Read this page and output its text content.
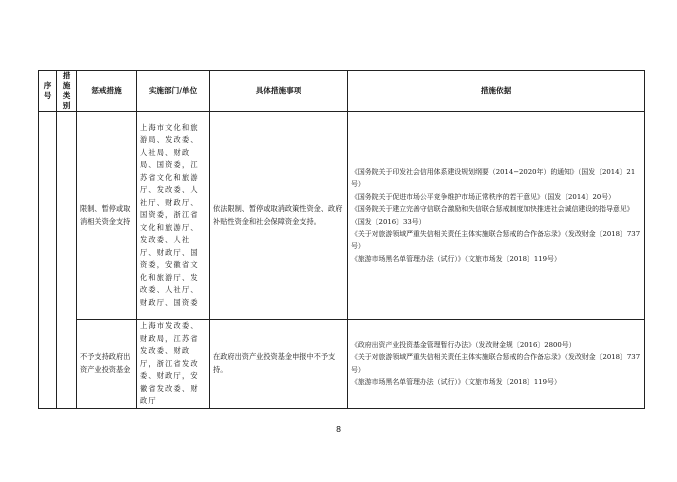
序号	措施类别	惩戒措施	实施部门/单位	具体措施事项	措施依据
		限制、暂停或取消相关资金支持	上海市文化和旅游局、发改委、人社局、财政局、国资委，江苏省文化和旅游厅、发改委、人社厅、财政厅、国资委，浙江省文化和旅游厅、发改委、人社厅、财政厅、国资委，安徽省文化和旅游厅、发改委、人社厅、财政厅、国资委	依法限制、暂停或取消政策性资金、政府补贴性资金和社会保障资金支持。	《国务院关于印发社会信用体系建设规划纲要（2014−2020年）的通知》（国发〔2014〕21号）
《国务院关于促进市场公平竞争维护市场正常秩序的若干意见》（国发〔2014〕20号）
《国务院关于建立完善守信联合激励和失信联合惩戒制度加快推进社会诚信建设的指导意见》（国发〔2016〕33号）
《关于对旅游领域严重失信相关责任主体实施联合惩戒的合作备忘录》（发改财金〔2018〕737号）
《旅游市场黑名单管理办法（试行）》（文旅市场发〔2018〕119号）

		不予支持政府出资产业投资基金	上海市发改委、财政局，江苏省发改委、财政厅，浙江省发改委、财政厅，安徽省发改委、财政厅	在政府出资产业投资基金申报中不予支持。	《政府出资产业投资基金管理暂行办法》（发改财金规〔2016〕2800号）
《关于对旅游领域严重失信相关责任主体实施联合惩戒的合作备忘录》（发改财金〔2018〕737号）
《旅游市场黑名单管理办法（试行）》（文旅市场发〔2018〕119号）
8
